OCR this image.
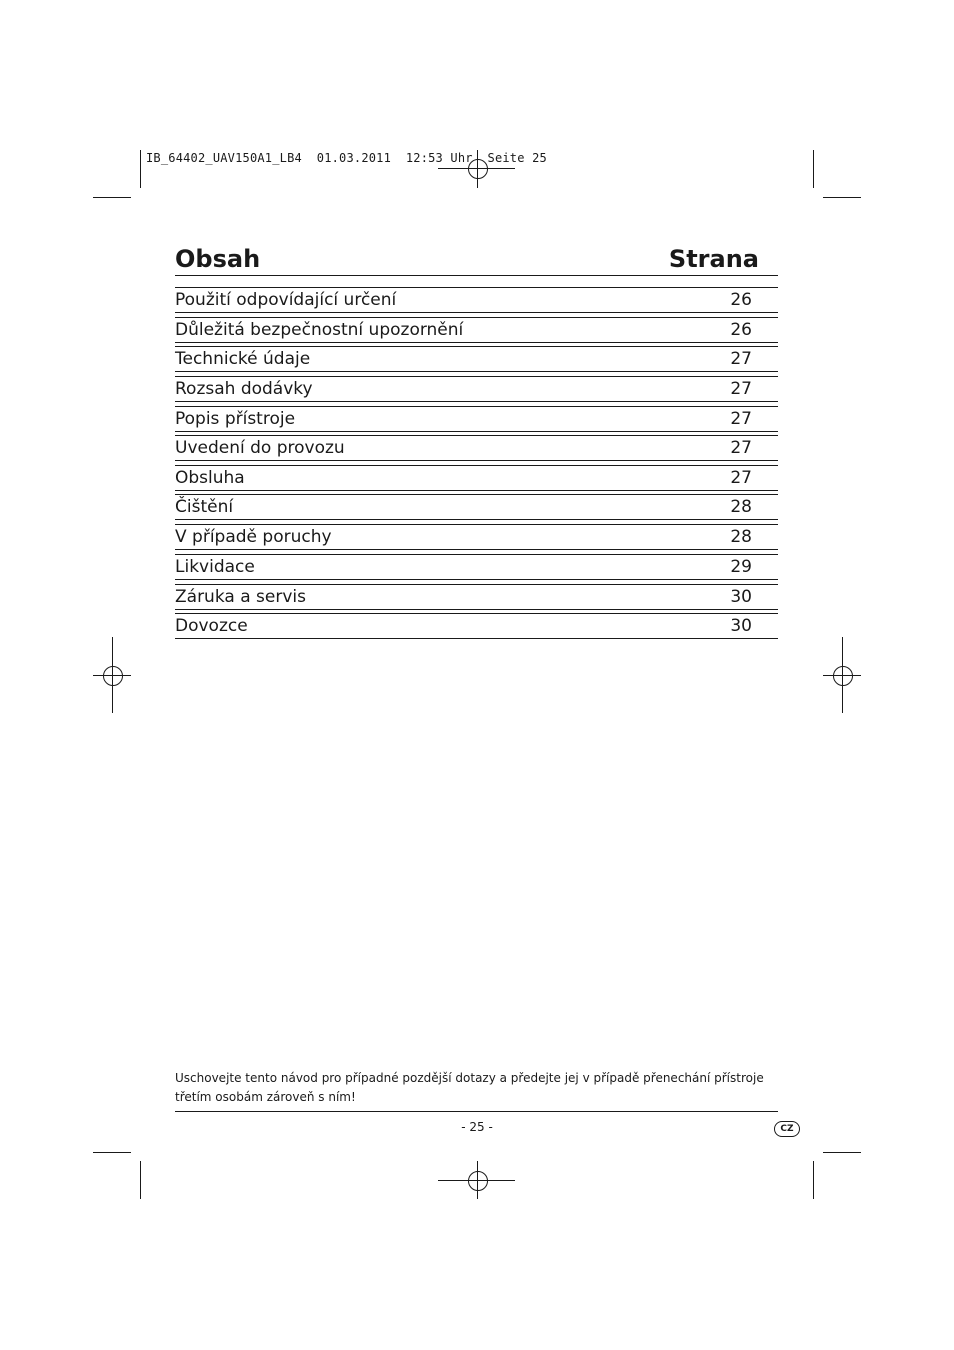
IB_64402_UAV150A1_LB4  01.03.2011  12:53 Uhr  Seite 25
Obsah	Strana
Použití odpovídající určení	26
Důležitá bezpečnostní upozornění	26
Technické údaje	27
Rozsah dodávky	27
Popis přístroje	27
Uvedení do provozu	27
Obsluha	27
Čištění	28
V případě poruchy	28
Likvidace	29
Záruka a servis	30
Dovozce	30
Uschovejte tento návod pro případné pozdější dotazy a předejte jej v případě přenechání přístroje třetím osobám zároveň s ním!
- 25 -	CZ
